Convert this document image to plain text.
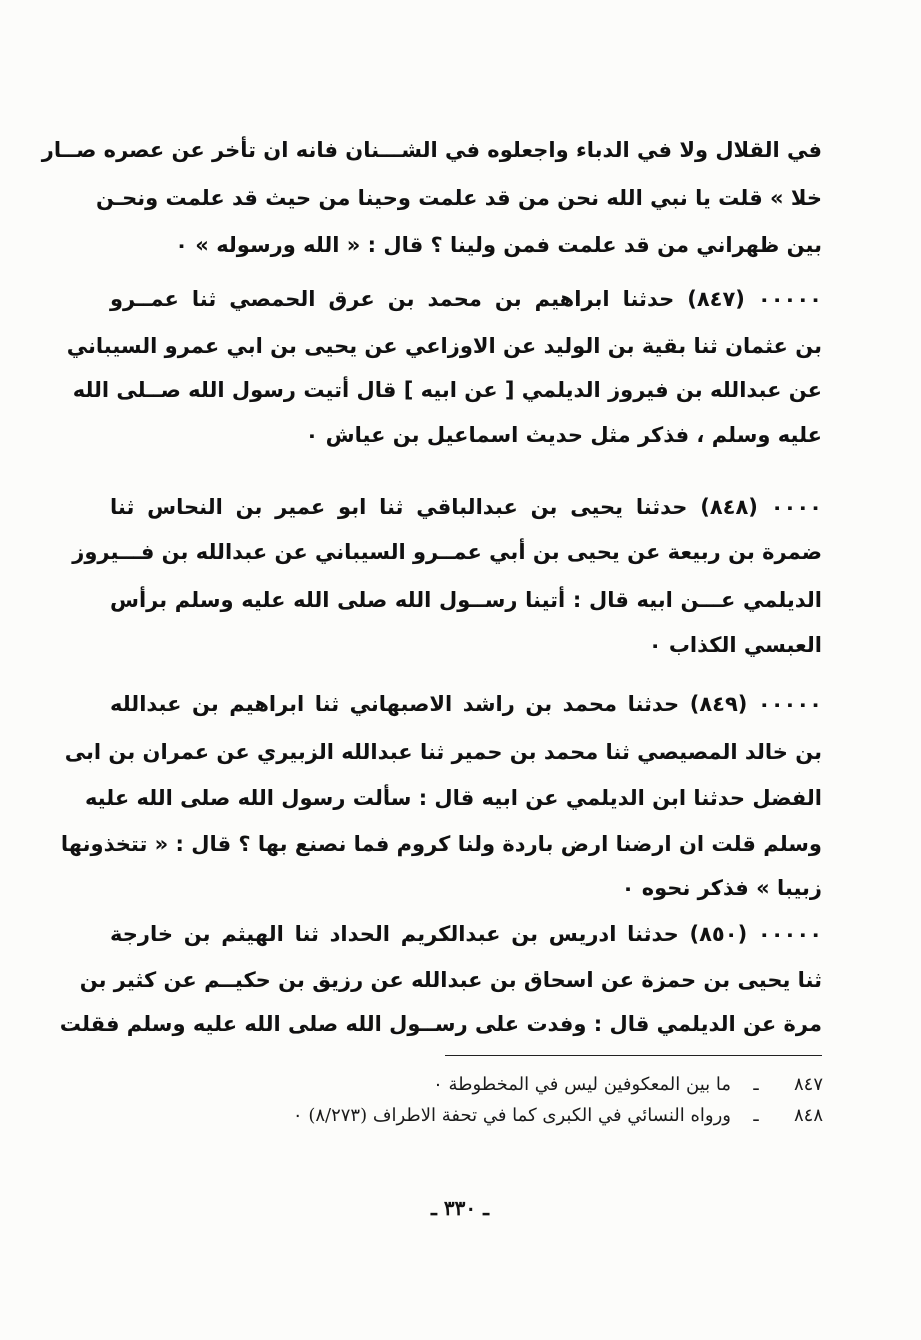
في القلال ولا في الدباء واجعلوه في الشـــنان فانه ان تأخر عن عصره صــار
خلا » قلت يا نبي الله نحن من قد علمت وحينا من حيث قد علمت ونحـن
بين ظهراني من قد علمت فمن ولينا ؟ قال : « الله ورسوله » ٠
٠٠٠٠٠ (٨٤٧) حدثنا ابراهيم بن محمد بن عرق الحمصي ثنا عمــرو
بن عثمان ثنا بقية بن الوليد عن الاوزاعي عن يحيى بن ابي عمرو السيباني
عن عبدالله بن فيروز الديلمي [ عن ابيه ] قال أتيت رسول الله صــلى الله
عليه وسلم ، فذكر مثل حديث اسماعيل بن عياش ٠
٠٠٠٠ (٨٤٨) حدثنا يحيى بن عبدالباقي ثنا ابو عمير بن النحاس ثنا
ضمرة بن ربيعة عن يحيى بن أبي عمــرو السيباني عن عبدالله بن فـــيروز
الديلمي عـــن ابيه قال : أتينا رســول الله صلى الله عليه وسلم برأس
العبسي الكذاب ٠
٠٠٠٠٠ (٨٤٩) حدثنا محمد بن راشد الاصبهاني ثنا ابراهيم بن عبدالله
بن خالد المصيصي ثنا محمد بن حمير ثنا عبدالله الزبيري عن عمران بن ابى
الفضل حدثنا ابن الديلمي عن ابيه قال : سألت رسول الله صلى الله عليه
وسلم قلت ان ارضنا ارض باردة ولنا كروم فما نصنع بها ؟ قال : « تتخذونها
زبيبا » فذكر نحوه ٠
٠٠٠٠٠ (٨٥٠) حدثنا ادريس بن عبدالكريم الحداد ثنا الهيثم بن خارجة
ثنا يحيى بن حمزة عن اسحاق بن عبدالله عن رزيق بن حكيــم عن كثير بن
مرة عن الديلمي قال : وفدت على رســول الله صلى الله عليه وسلم فقلت
٨٤٧ـما بين المعكوفين ليس في المخطوطة ٠
٨٤٨ـورواه النسائي في الكبرى كما في تحفة الاطراف (٨/٢٧٣) ٠
ـ ٣٣٠ ـ
